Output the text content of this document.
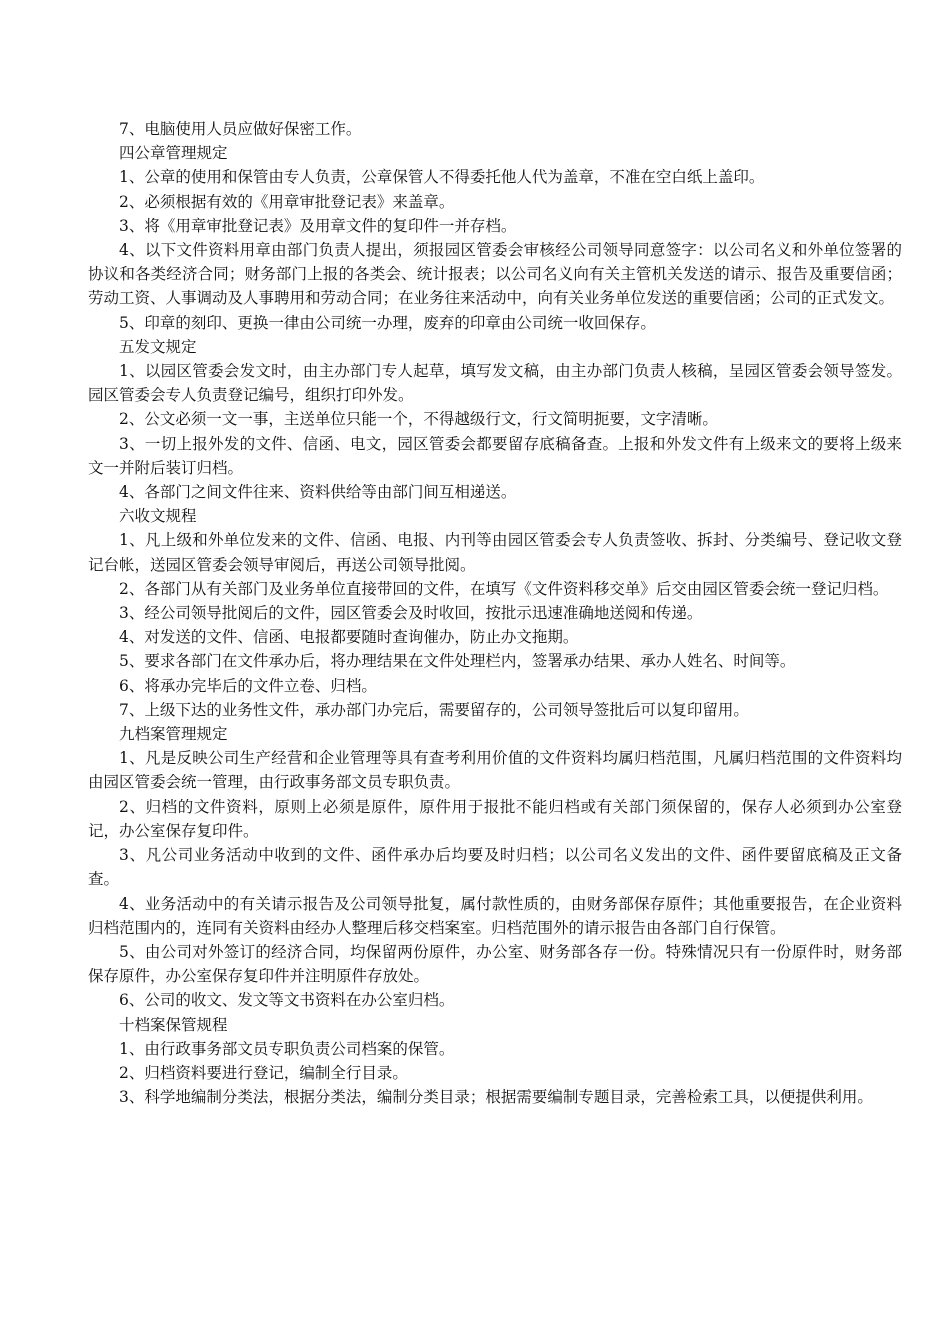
7、电脑使用人员应做好保密工作。

四公章管理规定

1、公章的使用和保管由专人负责，公章保管人不得委托他人代为盖章，不准在空白纸上盖印。

2、必须根据有效的《用章审批登记表》来盖章。

3、将《用章审批登记表》及用章文件的复印件一并存档。

4、以下文件资料用章由部门负责人提出，须报园区管委会审核经公司领导同意签字：以公司名义和外单位签署的协议和各类经济合同；财务部门上报的各类会、统计报表；以公司名义向有关主管机关发送的请示、报告及重要信函；劳动工资、人事调动及人事聘用和劳动合同；在业务往来活动中，向有关业务单位发送的重要信函；公司的正式发文。

5、印章的刻印、更换一律由公司统一办理，废弃的印章由公司统一收回保存。

五发文规定

1、以园区管委会发文时，由主办部门专人起草，填写发文稿，由主办部门负责人核稿，呈园区管委会领导签发。园区管委会专人负责登记编号，组织打印外发。

2、公文必须一文一事，主送单位只能一个，不得越级行文，行文简明扼要，文字清晰。

3、一切上报外发的文件、信函、电文，园区管委会都要留存底稿备查。上报和外发文件有上级来文的要将上级来文一并附后装订归档。

4、各部门之间文件往来、资料供给等由部门间互相递送。

六收文规程

1、凡上级和外单位发来的文件、信函、电报、内刊等由园区管委会专人负责签收、拆封、分类编号、登记收文登记台帐，送园区管委会领导审阅后，再送公司领导批阅。

2、各部门从有关部门及业务单位直接带回的文件，在填写《文件资料移交单》后交由园区管委会统一登记归档。

3、经公司领导批阅后的文件，园区管委会及时收回，按批示迅速准确地送阅和传递。

4、对发送的文件、信函、电报都要随时查询催办，防止办文拖期。

5、要求各部门在文件承办后，将办理结果在文件处理栏内，签署承办结果、承办人姓名、时间等。

6、将承办完毕后的文件立卷、归档。

7、上级下达的业务性文件，承办部门办完后，需要留存的，公司领导签批后可以复印留用。

九档案管理规定

1、凡是反映公司生产经营和企业管理等具有查考利用价值的文件资料均属归档范围，凡属归档范围的文件资料均由园区管委会统一管理，由行政事务部文员专职负责。

2、归档的文件资料，原则上必须是原件，原件用于报批不能归档或有关部门须保留的，保存人必须到办公室登记，办公室保存复印件。

3、凡公司业务活动中收到的文件、函件承办后均要及时归档；以公司名义发出的文件、函件要留底稿及正文备查。

4、业务活动中的有关请示报告及公司领导批复，属付款性质的，由财务部保存原件；其他重要报告，在企业资料归档范围内的，连同有关资料由经办人整理后移交档案室。归档范围外的请示报告由各部门自行保管。

5、由公司对外签订的经济合同，均保留两份原件，办公室、财务部各存一份。特殊情况只有一份原件时，财务部保存原件，办公室保存复印件并注明原件存放处。

6、公司的收文、发文等文书资料在办公室归档。

十档案保管规程

1、由行政事务部文员专职负责公司档案的保管。

2、归档资料要进行登记，编制全行目录。

3、科学地编制分类法，根据分类法，编制分类目录；根据需要编制专题目录，完善检索工具，以便提供利用。
